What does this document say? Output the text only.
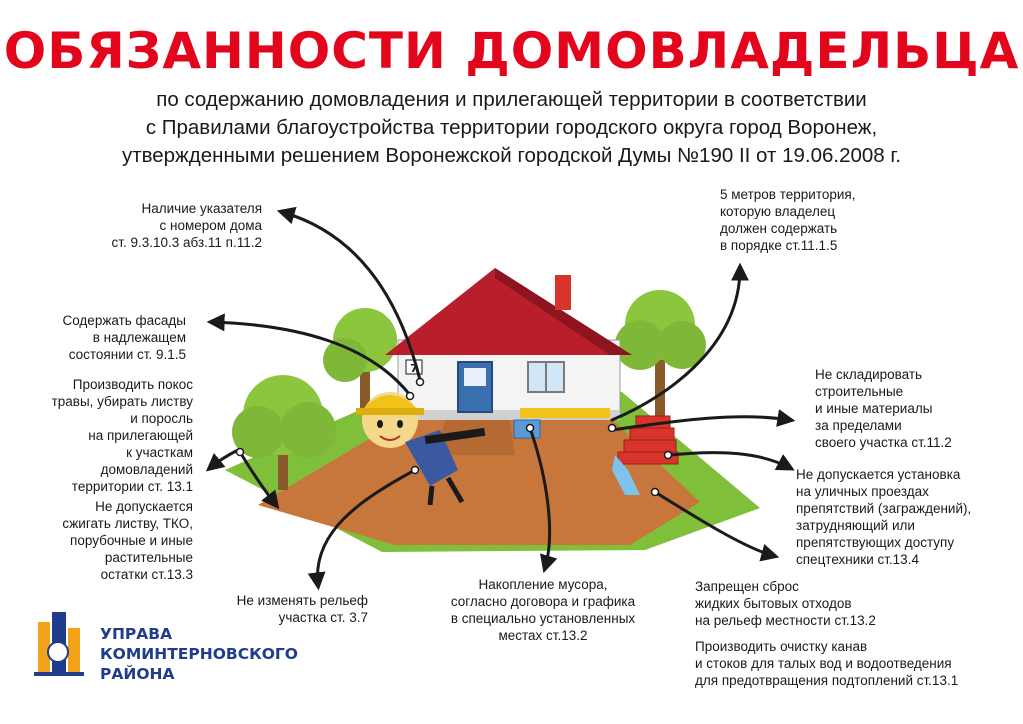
ОБЯЗАННОСТИ ДОМОВЛАДЕЛЬЦА
по содержанию домовладения и прилегающей территории в соответствии
с Правилами благоустройства территории городского округа город Воронеж,
утвержденными решением Воронежской городской Думы №190 II от 19.06.2008 г.
7
Наличие указателя
с номером дома
ст. 9.3.10.3 абз.11 п.11.2
Содержать фасады
в надлежащем
состоянии ст. 9.1.5
Производить покос
травы, убирать листву
и поросль
на прилегающей
к участкам
домовладений
территории ст. 13.1
Не допускается
сжигать листву, ТКО,
порубочные и иные
растительные
остатки ст.13.3
Не изменять рельеф
участка ст. 3.7
Накопление мусора,
согласно договора и графика
в специально установленных
местах ст.13.2
5 метров территория,
которую владелец
должен содержать
в порядке ст.11.1.5
Не складировать
строительные
и иные материалы
за пределами
своего участка ст.11.2
Не допускается установка
на уличных проездах
препятствий (заграждений),
затрудняющий или
препятствующих доступу
спецтехники ст.13.4
Запрещен сброс
жидких бытовых отходов
на рельеф местности ст.13.2
Производить очистку канав
и стоков для талых вод и водоотведения
для предотвращения подтоплений ст.13.1
УПРАВА
КОМИНТЕРНОВСКОГО
РАЙОНА
